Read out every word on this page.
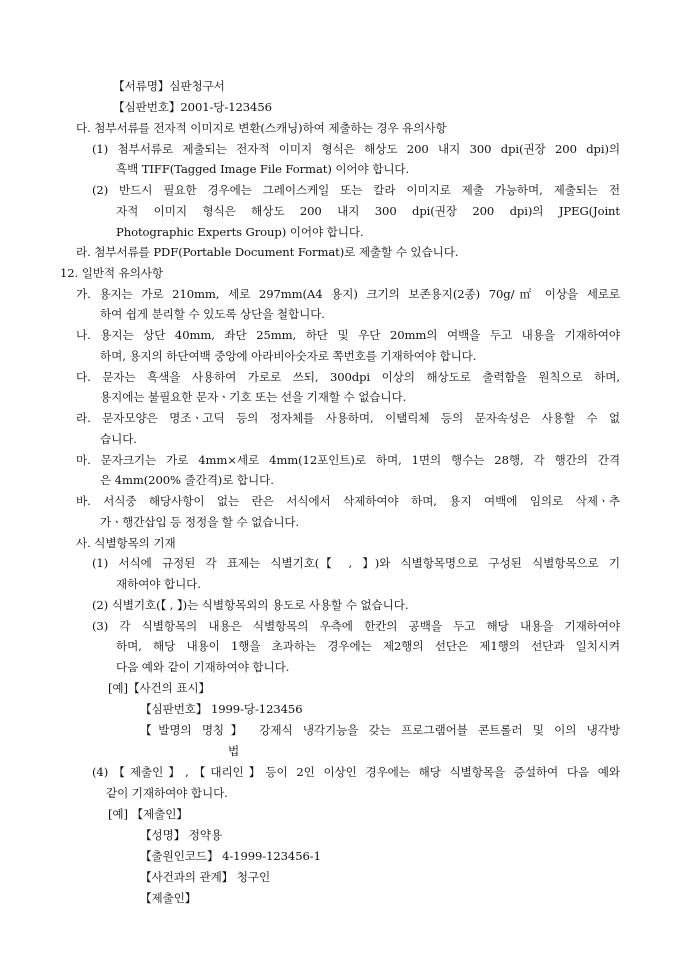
【서류명】심판청구서
【심판번호】2001-당-123456
다. 첨부서류를 전자적 이미지로 변환(스캐닝)하여 제출하는 경우 유의사항
(1) 첨부서류로 제출되는 전자적 이미지 형식은 해상도 200 내지 300 dpi(권장 200 dpi)의
흑백 TIFF(Tagged Image File Format) 이어야 합니다.
(2) 반드시 필요한 경우에는 그레이스케일 또는 칼라 이미지로 제출 가능하며, 제출되는 전
자적 이미지 형식은 해상도 200 내지 300 dpi(권장 200 dpi)의 JPEG(Joint
Photographic Experts Group) 이어야 합니다.
라. 첨부서류를 PDF(Portable Document Format)로 제출할 수 있습니다.
12. 일반적 유의사항
가. 용지는 가로 210mm, 세로 297mm(A4 용지) 크기의 보존용지(2종) 70g/㎡ 이상을 세로로
하여 쉽게 분리할 수 있도록 상단을 철합니다.
나. 용지는 상단 40mm, 좌단 25mm, 하단 및 우단 20mm의 여백을 두고 내용을 기재하여야
하며, 용지의 하단여백 중앙에 아라비아숫자로 쪽번호를 기재하여야 합니다.
다. 문자는 흑색을 사용하여 가로로 쓰되, 300dpi 이상의 해상도로 출력함을 원칙으로 하며,
용지에는 불필요한 문자ㆍ기호 또는 선을 기재할 수 없습니다.
라. 문자모양은 명조ㆍ고딕 등의 정자체를 사용하며, 이탤릭체 등의 문자속성은 사용할 수 없
습니다.
마. 문자크기는 가로 4mm×세로 4mm(12포인트)로 하며, 1면의 행수는 28행, 각 행간의 간격
은 4mm(200% 줄간격)로 합니다.
바. 서식중 해당사항이 없는 란은 서식에서 삭제하여야 하며, 용지 여백에 임의로 삭제ㆍ추
가ㆍ행간삽입 등 정정을 할 수 없습니다.
사. 식별항목의 기재
(1) 서식에 규정된 각 표제는 식별기호(【 , 】)와 식별항목명으로 구성된 식별항목으로 기
재하여야 합니다.
(2) 식별기호(【 , 】)는 식별항목외의 용도로 사용할 수 없습니다.
(3) 각 식별항목의 내용은 식별항목의 우측에 한칸의 공백을 두고 해당 내용을 기재하여야
하며, 해당 내용이 1행을 초과하는 경우에는 제2행의 선단은 제1행의 선단과 일치시켜
다음 예와 같이 기재하여야 합니다.
[예]【사건의 표시】
【심판번호】 1999-당-123456
【발명의 명칭】 강제식 냉각기능을 갖는 프로그램어블 콘트롤러 및 이의 냉각방
법
(4)【제출인】,【대리인】등이 2인 이상인 경우에는 해당 식별항목을 증설하여 다음 예와
같이 기재하여야 합니다.
[예] 【제출인】
【성명】 정약용
【출원인코드】 4-1999-123456-1
【사건과의 관계】 청구인
【제출인】
